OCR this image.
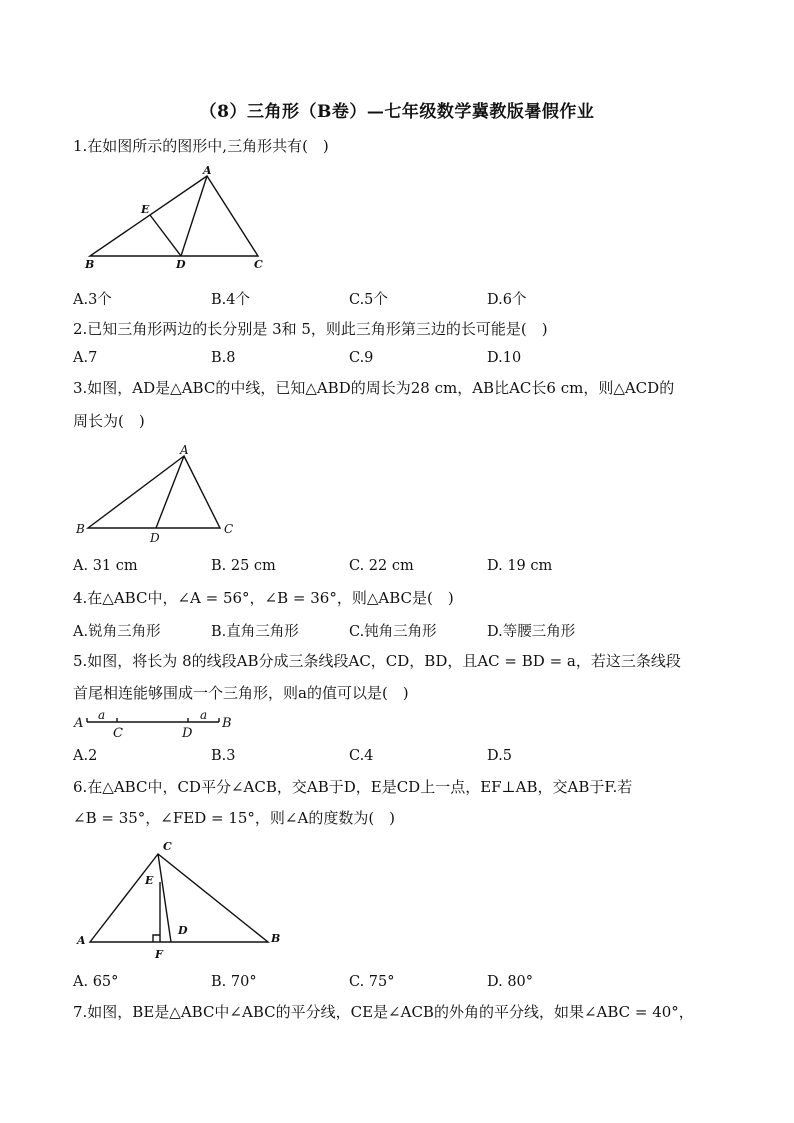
（8）三角形（B卷）—七年级数学冀教版暑假作业
1.在如图所示的图形中,三角形共有(　)
A
E
B	D	C
A.3个	B.4个	C.5个	D.6个
2.已知三角形两边的长分别是 3和 5，则此三角形第三边的长可能是(　)
A.7	B.8	C.9	D.10
3.如图，AD是△ABC的中线，已知△ABD的周长为28 cm，AB比AC长6 cm，则△ACD的
周长为(　)
A
B
D
C
A. 31 cm	B. 25 cm	C. 22 cm	D. 19 cm
4.在△ABC中，∠A = 56°，∠B = 36°，则△ABC是(　)
A.锐角三角形	B.直角三角形	C.钝角三角形	D.等腰三角形
5.如图，将长为 8的线段AB分成三条线段AC，CD，BD，且AC = BD = a，若这三条线段
首尾相连能够围成一个三角形，则a的值可以是(　)
A	B
C	D
a	a
A.2	B.3	C.4	D.5
6.在△ABC中，CD平分∠ACB，交AB于D，E是CD上一点，EF⊥AB，交AB于F.若
∠B = 35°，∠FED = 15°，则∠A的度数为(　)
C
E
A
D
B
F
A. 65°	B. 70°	C. 75°	D. 80°
7.如图，BE是△ABC中∠ABC的平分线，CE是∠ACB的外角的平分线，如果∠ABC = 40°，
